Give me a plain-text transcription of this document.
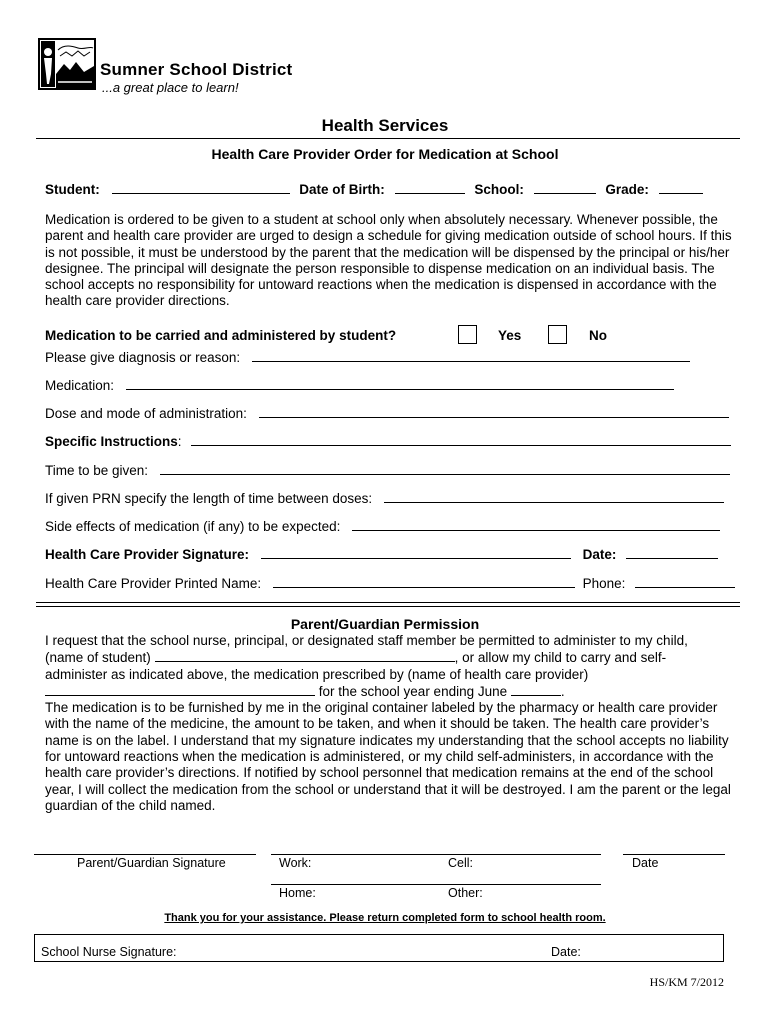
Sumner School District
...a great place to learn!
Health Services
Health Care Provider Order for Medication at School
Student:	Date of Birth:	School:	Grade:

Medication is ordered to be given to a student at school only when absolutely necessary. Whenever possible, the parent and health care provider are urged to design a schedule for giving medication outside of school hours. If this is not possible, it must be understood by the parent that the medication will be dispensed by the principal or his/her designee. The principal will designate the person responsible to dispense medication on an individual basis. The school accepts no responsibility for untoward reactions when the medication is dispensed in accordance with the health care provider directions.

Medication to be carried and administered by student?	Yes	No
Please give diagnosis or reason:
Medication:
Dose and mode of administration:
Specific Instructions:
Time to be given:
If given PRN specify the length of time between doses:
Side effects of medication (if any) to be expected:
Health Care Provider Signature:	Date:
Health Care Provider Printed Name:	Phone:
Parent/Guardian Permission

I request that the school nurse, principal, or designated staff member be permitted to administer to my child,

(name of student)	, or allow my child to carry and self-

administer as indicated above, the medication prescribed by (name of health care provider)

for the school year ending June	.

The medication is to be furnished by me in the original container labeled by the pharmacy or health care provider with the name of the medicine, the amount to be taken, and when it should be taken. The health care provider’s name is on the label. I understand that my signature indicates my understanding that the school accepts no liability for untoward reactions when the medication is administered, or my child self-administers, in accordance with the health care provider’s directions. If notified by school personnel that medication remains at the end of the school year, I will collect the medication from the school or understand that it will be destroyed. I am the parent or the legal guardian of the child named.

Parent/Guardian Signature	Work:	Cell:	Date
Home:	Other:
Thank you for your assistance. Please return completed form to school health room.
School Nurse Signature:	Date:
HS/KM 7/2012
